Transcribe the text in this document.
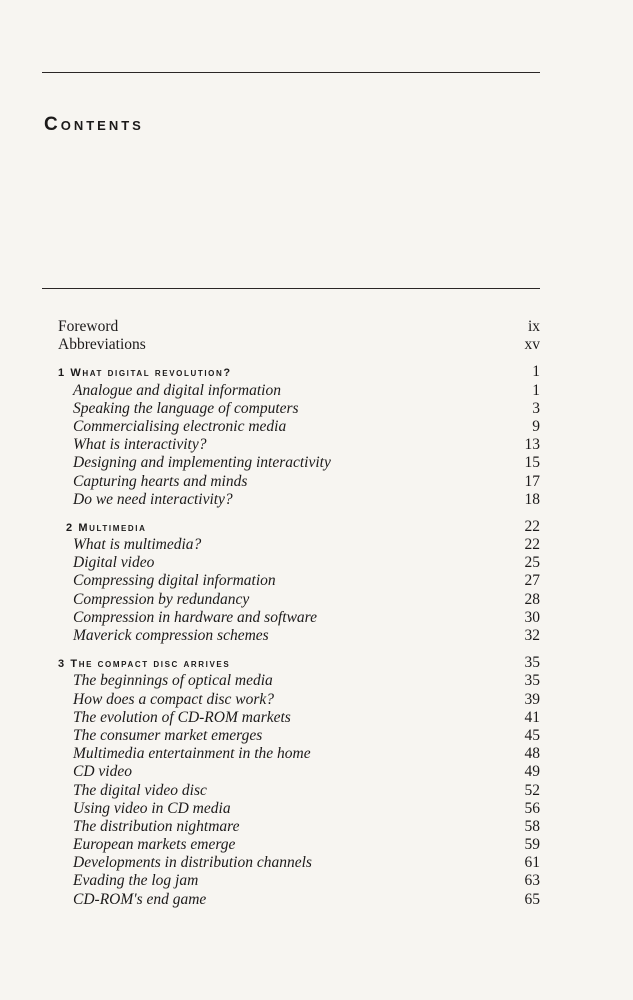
Contents
Foreword	ix
Abbreviations	xv
1 What digital revolution?	1
Analogue and digital information	1
Speaking the language of computers	3
Commercialising electronic media	9
What is interactivity?	13
Designing and implementing interactivity	15
Capturing hearts and minds	17
Do we need interactivity?	18
2 Multimedia	22
What is multimedia?	22
Digital video	25
Compressing digital information	27
Compression by redundancy	28
Compression in hardware and software	30
Maverick compression schemes	32
3 The compact disc arrives	35
The beginnings of optical media	35
How does a compact disc work?	39
The evolution of CD-ROM markets	41
The consumer market emerges	45
Multimedia entertainment in the home	48
CD video	49
The digital video disc	52
Using video in CD media	56
The distribution nightmare	58
European markets emerge	59
Developments in distribution channels	61
Evading the log jam	63
CD-ROM's end game	65
